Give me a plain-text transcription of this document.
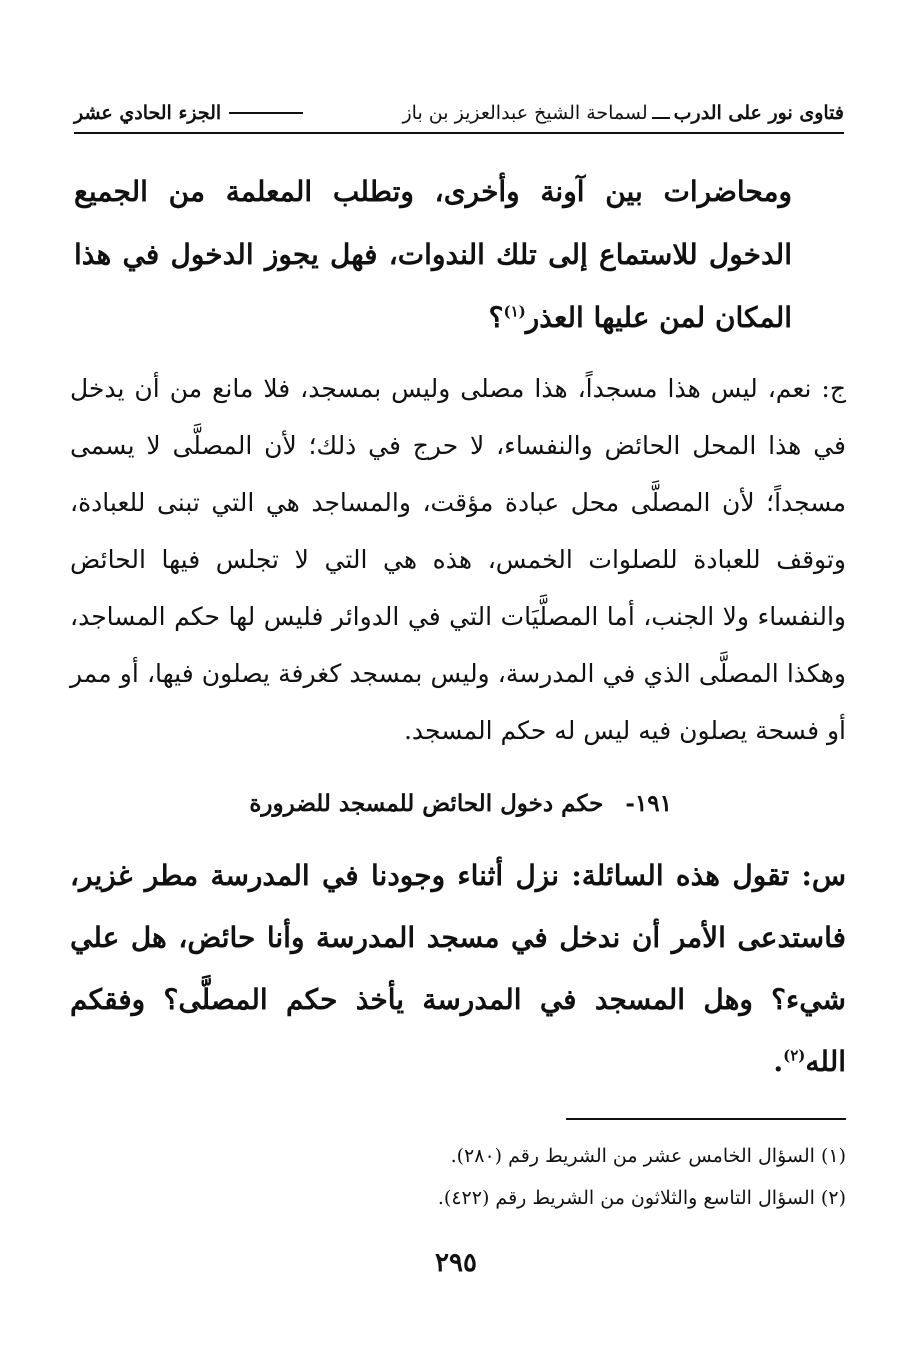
فتاوى نور على الدربلسماحة الشيخ عبدالعزيز بن باز
الجزء الحادي عشر
ومحاضرات بين آونة وأخرى، وتطلب المعلمة من الجميع الدخول للاستماع إلى تلك الندوات، فهل يجوز الدخول في هذا المكان لمن عليها العذر$^{(١)}$؟
ج: نعم، ليس هذا مسجداً، هذا مصلى وليس بمسجد، فلا مانع من أن يدخل في هذا المحل الحائض والنفساء، لا حرج في ذلك؛ لأن المصلَّى لا يسمى مسجداً؛ لأن المصلَّى محل عبادة مؤقت، والمساجد هي التي تبنى للعبادة، وتوقف للعبادة للصلوات الخمس، هذه هي التي لا تجلس فيها الحائض والنفساء ولا الجنب، أما المصلَّيَات التي في الدوائر فليس لها حكم المساجد، وهكذا المصلَّى الذي في المدرسة، وليس بمسجد كغرفة يصلون فيها، أو ممر أو فسحة يصلون فيه ليس له حكم المسجد.
١٩١-حكم دخول الحائض للمسجد للضرورة
س: تقول هذه السائلة: نزل أثناء وجودنا في المدرسة مطر غزير، فاستدعى الأمر أن ندخل في مسجد المدرسة وأنا حائض، هل علي شيء؟ وهل المسجد في المدرسة يأخذ حكم المصلَّى؟ وفقكم الله$^{(٢)}$.
(١) السؤال الخامس عشر من الشريط رقم (٢٨٠).
(٢) السؤال التاسع والثلاثون من الشريط رقم (٤٢٢).
٢٩٥
